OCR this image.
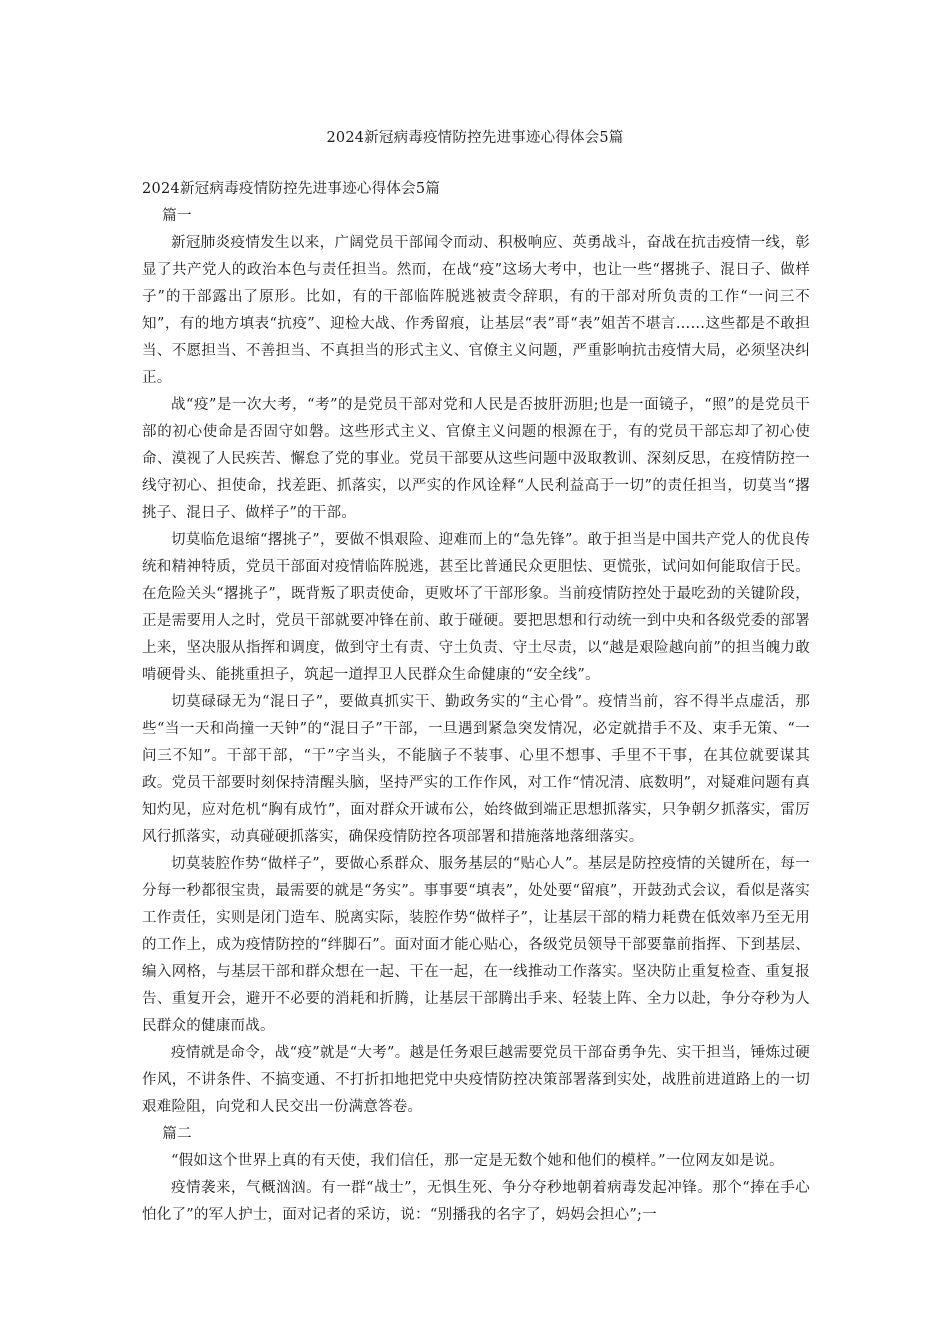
2024新冠病毒疫情防控先进事迹心得体会5篇

2024新冠病毒疫情防控先进事迹心得体会5篇

篇一

新冠肺炎疫情发生以来，广阔党员干部闻令而动、积极响应、英勇战斗，奋战在抗击疫情一线，彰显了共产党人的政治本色与责任担当。然而，在战“疫”这场大考中，也让一些“撂挑子、混日子、做样子”的干部露出了原形。比如，有的干部临阵脱逃被责令辞职，有的干部对所负责的工作“一问三不知”，有的地方填表“抗疫”、迎检大战、作秀留痕，让基层“表”哥“表”姐苦不堪言……这些都是不敢担当、不愿担当、不善担当、不真担当的形式主义、官僚主义问题，严重影响抗击疫情大局，必须坚决纠正。

战“疫”是一次大考，“考”的是党员干部对党和人民是否披肝沥胆;也是一面镜子，“照”的是党员干部的初心使命是否固守如磐。这些形式主义、官僚主义问题的根源在于，有的党员干部忘却了初心使命、漠视了人民疾苦、懈怠了党的事业。党员干部要从这些问题中汲取教训、深刻反思，在疫情防控一线守初心、担使命，找差距、抓落实，以严实的作风诠释“人民利益高于一切”的责任担当，切莫当“撂挑子、混日子、做样子”的干部。

切莫临危退缩“撂挑子”，要做不惧艰险、迎难而上的“急先锋”。敢于担当是中国共产党人的优良传统和精神特质，党员干部面对疫情临阵脱逃，甚至比普通民众更胆怯、更慌张，试问如何能取信于民。在危险关头“撂挑子”，既背叛了职责使命，更败坏了干部形象。当前疫情防控处于最吃劲的关键阶段，正是需要用人之时，党员干部就要冲锋在前、敢于碰硬。要把思想和行动统一到中央和各级党委的部署上来，坚决服从指挥和调度，做到守土有责、守土负责、守土尽责，以“越是艰险越向前”的担当魄力敢啃硬骨头、能挑重担子，筑起一道捍卫人民群众生命健康的“安全线”。

切莫碌碌无为“混日子”，要做真抓实干、勤政务实的“主心骨”。疫情当前，容不得半点虚活，那些“当一天和尚撞一天钟”的“混日子”干部，一旦遇到紧急突发情况，必定就措手不及、束手无策、“一问三不知”。干部干部，“干”字当头，不能脑子不装事、心里不想事、手里不干事，在其位就要谋其政。党员干部要时刻保持清醒头脑，坚持严实的工作作风，对工作“情况清、底数明”，对疑难问题有真知灼见，应对危机“胸有成竹”，面对群众开诚布公，始终做到端正思想抓落实，只争朝夕抓落实，雷厉风行抓落实，动真碰硬抓落实，确保疫情防控各项部署和措施落地落细落实。

切莫装腔作势“做样子”，要做心系群众、服务基层的“贴心人”。基层是防控疫情的关键所在，每一分每一秒都很宝贵，最需要的就是“务实”。事事要“填表”，处处要“留痕”，开鼓劲式会议，看似是落实工作责任，实则是闭门造车、脱离实际，装腔作势“做样子”，让基层干部的精力耗费在低效率乃至无用的工作上，成为疫情防控的“绊脚石”。面对面才能心贴心，各级党员领导干部要靠前指挥、下到基层、编入网格，与基层干部和群众想在一起、干在一起，在一线推动工作落实。坚决防止重复检查、重复报告、重复开会，避开不必要的消耗和折腾，让基层干部腾出手来、轻装上阵、全力以赴，争分夺秒为人民群众的健康而战。

疫情就是命令，战“疫”就是“大考”。越是任务艰巨越需要党员干部奋勇争先、实干担当，锤炼过硬作风，不讲条件、不搞变通、不打折扣地把党中央疫情防控决策部署落到实处，战胜前进道路上的一切艰难险阻，向党和人民交出一份满意答卷。

篇二

“假如这个世界上真的有天使，我们信任，那一定是无数个她和他们的模样。”一位网友如是说。

疫情袭来，气概汹汹。有一群“战士”，无惧生死、争分夺秒地朝着病毒发起冲锋。那个“捧在手心怕化了”的军人护士，面对记者的采访，说：“别播我的名字了，妈妈会担心”;一
